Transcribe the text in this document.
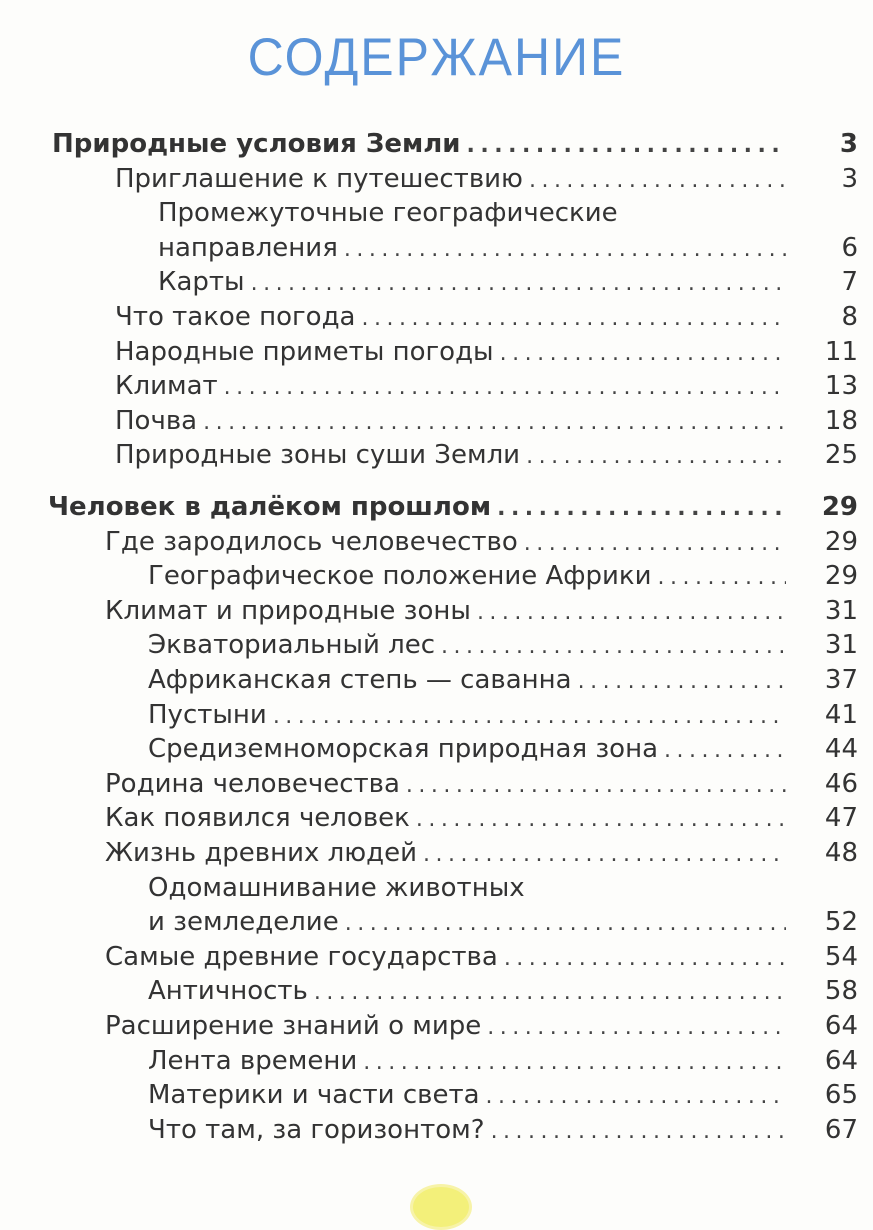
СОДЕРЖАНИЕ
Природные условия Земли .....	3
Приглашение к путешествию .....	3
Промежуточные географические
направления .....	6
Карты .....	7
Что такое погода .....	8
Народные приметы погоды .....	11
Климат .....	13
Почва .....	18
Природные зоны суши Земли .....	25
Человек в далёком прошлом .....	29
Где зародилось человечество .....	29
Географическое положение Африки .....	29
Климат и природные зоны .....	31
Экваториальный лес .....	31
Африканская степь — саванна .....	37
Пустыни .....	41
Средиземноморская природная зона .....	44
Родина человечества .....	46
Как появился человек .....	47
Жизнь древних людей .....	48
Одомашнивание животных
и земледелие .....	52
Самые древние государства .....	54
Античность .....	58
Расширение знаний о мире .....	64
Лента времени .....	64
Материки и части света .....	65
Что там, за горизонтом? .....	67
